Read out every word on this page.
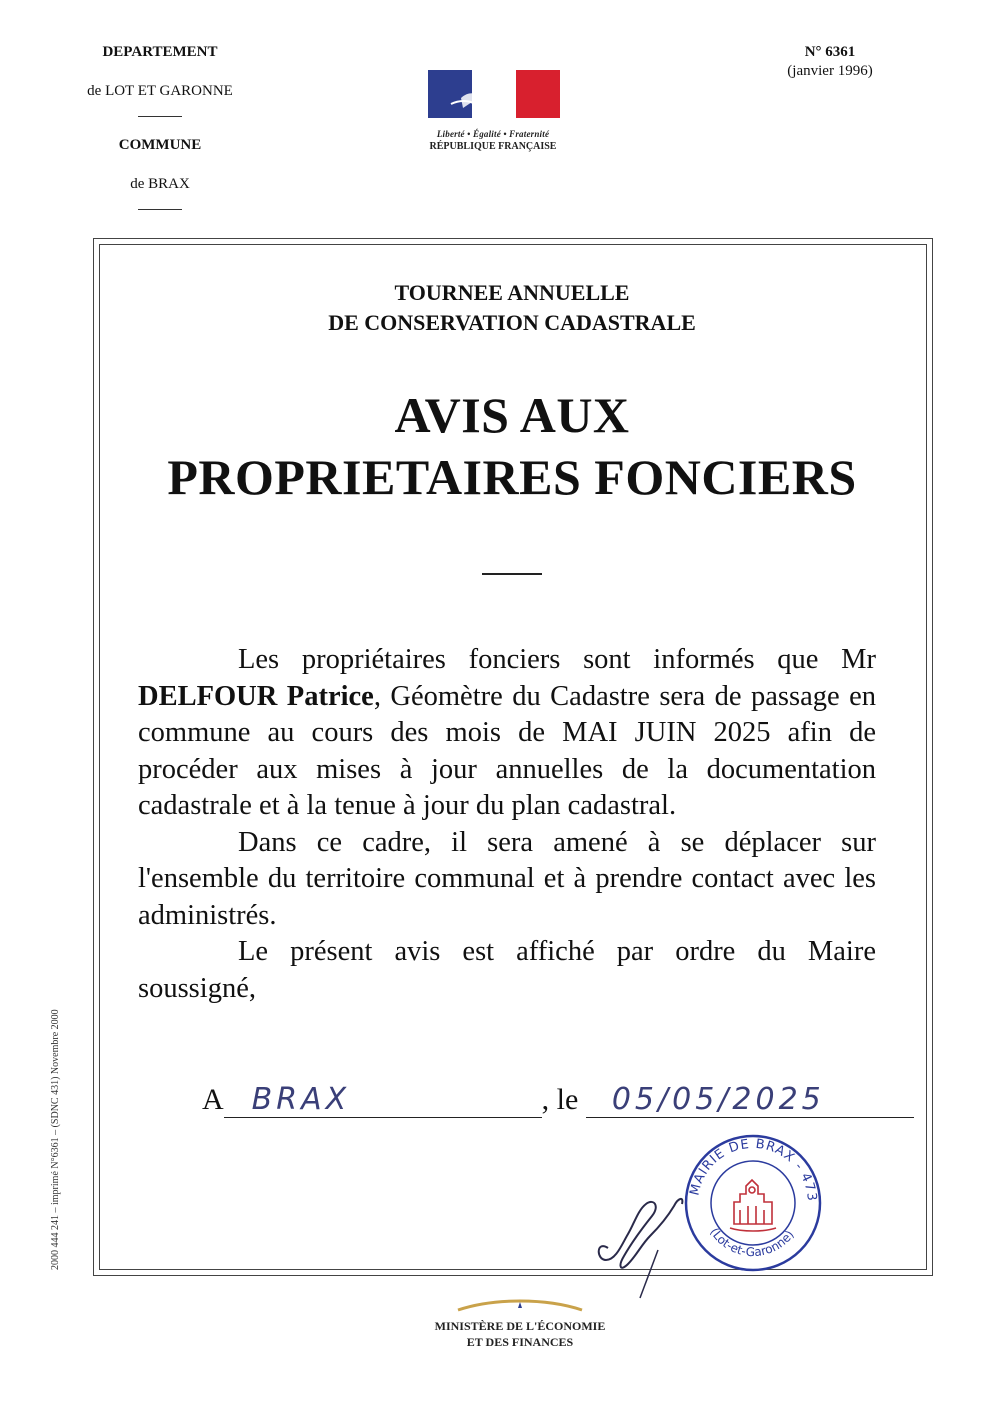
DEPARTEMENT
de LOT ET GARONNE
COMMUNE
de BRAX
N° 6361
(janvier 1996)
Liberté • Égalité • Fraternité
RÉPUBLIQUE FRANÇAISE
TOURNEE ANNUELLE
DE CONSERVATION CADASTRALE
AVIS AUX
PROPRIETAIRES FONCIERS

Les propriétaires fonciers sont informés que Mr DELFOUR Patrice, Géomètre du Cadastre sera de passage en commune au cours des mois de MAI JUIN 2025 afin de procéder aux mises à jour annuelles de la documentation cadastrale et à la tenue à jour du plan cadastral.

Dans ce cadre, il sera amené à se déplacer sur l'ensemble du territoire communal et à prendre contact avec les administrés.

Le présent avis est affiché par ordre du Maire soussigné,

A BRAX	, le 05/05/2025
MAIRIE DE BRAX - 473
(Lot-et-Garonne)
2000 444 241 – imprimé N°6361 – (SDNC 431) Novembre 2000
MINISTÈRE DE L'ÉCONOMIE
ET DES FINANCES
